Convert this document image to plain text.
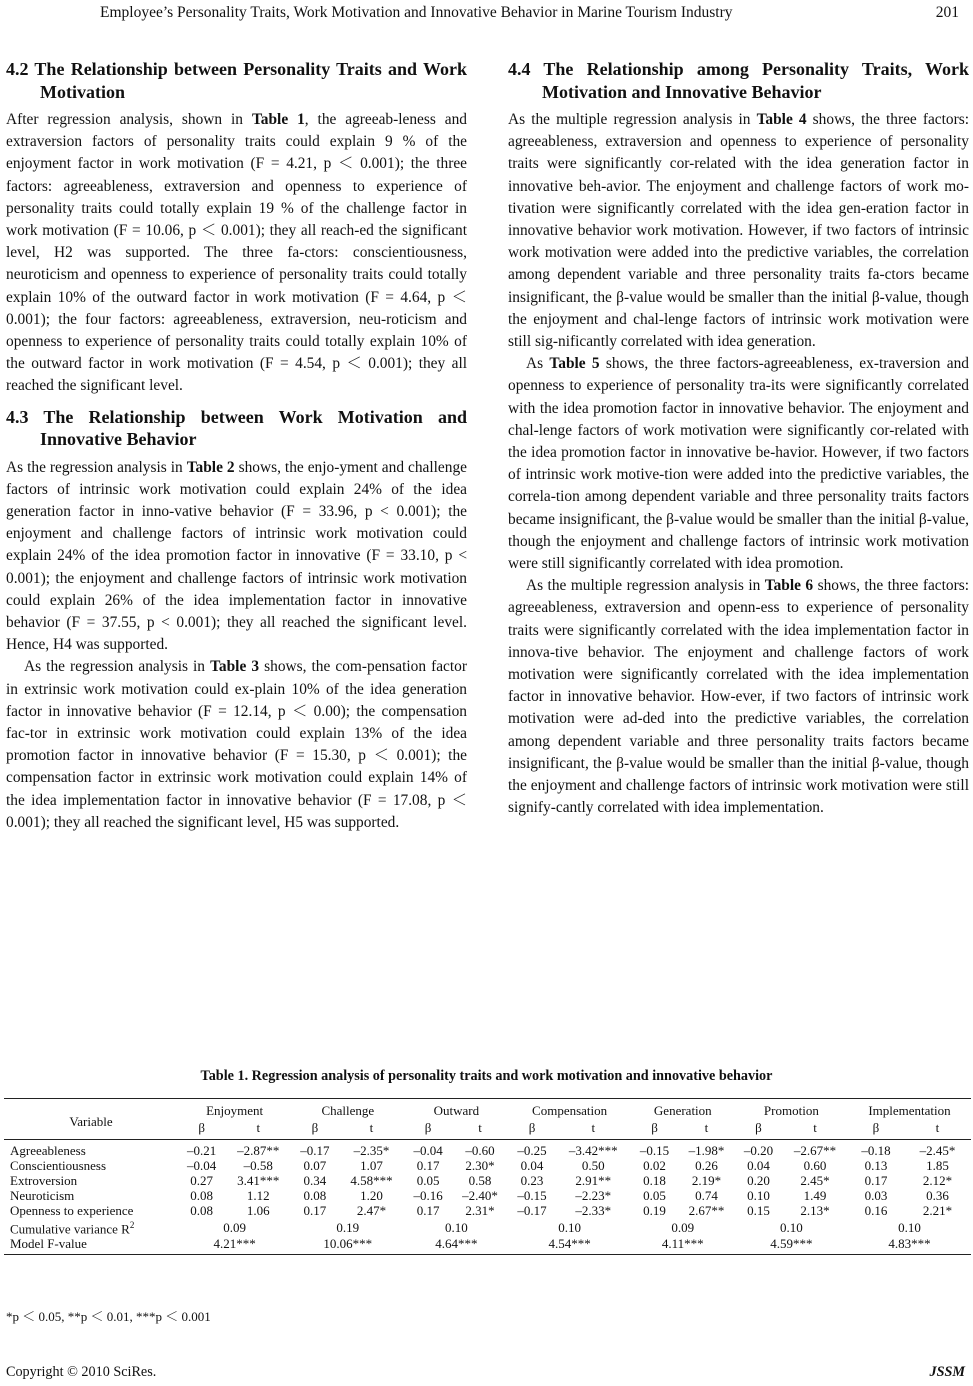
Employee’s Personality Traits, Work Motivation and Innovative Behavior in Marine Tourism Industry	201
4.2 The Relationship between Personality Traits and Work Motivation

After regression analysis, shown in Table 1, the agreeab-leness and extraversion factors of personality traits could explain 9 % of the enjoyment factor in work motivation (F = 4.21, p ＜ 0.001); the three factors: agreeableness, extraversion and openness to experience of personality traits could totally explain 19 % of the challenge factor in work motivation (F = 10.06, p ＜ 0.001); they all reach-ed the significant level, H2 was supported. The three fa-ctors: conscientiousness, neuroticism and openness to experience of personality traits could totally explain 10% of the outward factor in work motivation (F = 4.64, p ＜ 0.001); the four factors: agreeableness, extraversion, neu-roticism and openness to experience of personality traits could totally explain 10% of the outward factor in work motivation (F = 4.54, p ＜ 0.001); they all reached the significant level.

4.3 The Relationship between Work Motivation and Innovative Behavior

As the regression analysis in Table 2 shows, the enjo-yment and challenge factors of intrinsic work motivation could explain 24% of the idea generation factor in inno-vative behavior (F = 33.96, p < 0.001); the enjoyment and challenge factors of intrinsic work motivation could explain 24% of the idea promotion factor in innovative (F = 33.10, p < 0.001); the enjoyment and challenge factors of intrinsic work motivation could explain 26% of the idea implementation factor in innovative behavior (F = 37.55, p < 0.001); they all reached the significant level. Hence, H4 was supported.

As the regression analysis in Table 3 shows, the com-pensation factor in extrinsic work motivation could ex-plain 10% of the idea generation factor in innovative behavior (F = 12.14, p ＜ 0.00); the compensation fac-tor in extrinsic work motivation could explain 13% of the idea promotion factor in innovative behavior (F = 15.30, p ＜ 0.001); the compensation factor in extrinsic work motivation could explain 14% of the idea implementation factor in innovative behavior (F = 17.08, p ＜ 0.001); they all reached the significant level, H5 was supported.

4.4 The Relationship among Personality Traits, Work Motivation and Innovative Behavior

As the multiple regression analysis in Table 4 shows, the three factors: agreeableness, extraversion and openness to experience of personality traits were significantly cor-related with the idea generation factor in innovative beh-avior. The enjoyment and challenge factors of work mo-tivation were significantly correlated with the idea gen-eration factor in innovative behavior work motivation. However, if two factors of intrinsic work motivation were added into the predictive variables, the correlation among dependent variable and three personality traits fa-ctors became insignificant, the β-value would be smaller than the initial β-value, though the enjoyment and chal-lenge factors of intrinsic work motivation were still sig-nificantly correlated with idea generation.

As Table 5 shows, the three factors-agreeableness, ex-traversion and openness to experience of personality tra-its were significantly correlated with the idea promotion factor in innovative behavior. The enjoyment and chal-lenge factors of work motivation were significantly cor-related with the idea promotion factor in innovative be-havior. However, if two factors of intrinsic work motive-tion were added into the predictive variables, the correla-tion among dependent variable and three personality traits factors became insignificant, the β-value would be smaller than the initial β-value, though the enjoyment and challenge factors of intrinsic work motivation were still significantly correlated with idea promotion.

As the multiple regression analysis in Table 6 shows, the three factors: agreeableness, extraversion and openn-ess to experience of personality traits were significantly correlated with the idea implementation factor in innova-tive behavior. The enjoyment and challenge factors of work motivation were significantly correlated with the idea implementation factor in innovative behavior. How-ever, if two factors of intrinsic work motivation were ad-ded into the predictive variables, the correlation among dependent variable and three personality traits factors became insignificant, the β-value would be smaller than the initial β-value, though the enjoyment and challenge factors of intrinsic work motivation were still signify-cantly correlated with idea implementation.

Table 1. Regression analysis of personality traits and work motivation and innovative behavior
Variable	Enjoyment		Challenge		Outward		Compensation		Generation		Promotion		Implementation	
	β	t	β	t	β	t	β	t	β	t	β	t	β	t
Agreeableness	–0.21	–2.87**	–0.17	–2.35*	–0.04	–0.60	–0.25	–3.42***	–0.15	–1.98*	–0.20	–2.67**	–0.18	–2.45*
Conscientiousness	–0.04	–0.58	0.07	1.07	0.17	2.30*	0.04	0.50	0.02	0.26	0.04	0.60	0.13	1.85
Extroversion	0.27	3.41***	0.34	4.58***	0.05	0.58	0.23	2.91**	0.18	2.19*	0.20	2.45*	0.17	2.12*
Neuroticism	0.08	1.12	0.08	1.20	–0.16	–2.40*	–0.15	–2.23*	0.05	0.74	0.10	1.49	0.03	0.36
Openness to experience	0.08	1.06	0.17	2.47*	0.17	2.31*	–0.17	–2.33*	0.19	2.67**	0.15	2.13*	0.16	2.21*
Cumulative variance $R^2$	0.09		0.19		0.10		0.10		0.09		0.10		0.10	
Model F-value	4.21***		10.06***		4.64***		4.54***		4.11***		4.59***		4.83***	
*p ＜ 0.05, **p ＜ 0.01, ***p ＜ 0.001
Copyright © 2010 SciRes.	JSSM
